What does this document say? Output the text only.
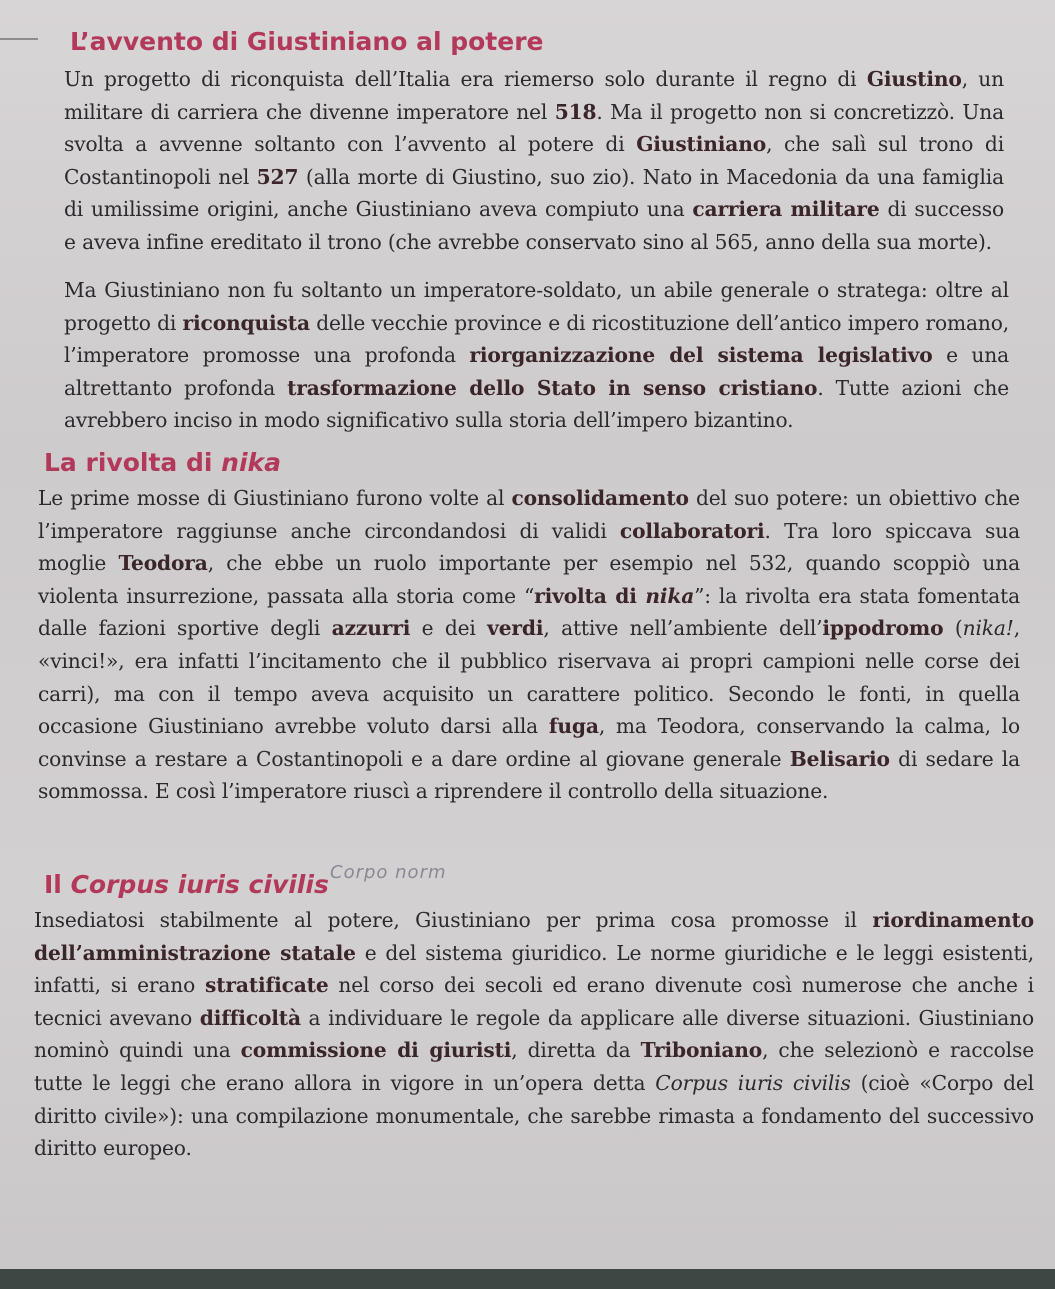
L’avvento di Giustiniano al potere
Un progetto di riconquista dell’Italia era riemerso solo durante il regno di Giustino, un militare di carriera che divenne imperatore nel 518. Ma il progetto non si concretizzò. Una svolta a avvenne soltanto con l’avvento al potere di Giustiniano, che salì sul trono di Costantinopoli nel 527 (alla morte di Giustino, suo zio). Nato in Macedonia da una famiglia di umilissime origini, anche Giustiniano aveva compiuto una carriera militare di successo e aveva infine ereditato il trono (che avrebbe conservato sino al 565, anno della sua morte).
Ma Giustiniano non fu soltanto un imperatore-soldato, un abile generale o stratega: oltre al progetto di riconquista delle vecchie province e di ricostituzione dell’antico impero romano, l’imperatore promosse una profonda riorganizzazione del sistema legislativo e una altrettanto profonda trasformazione dello Stato in senso cristiano. Tutte azioni che avrebbero inciso in modo significativo sulla storia dell’impero bizantino.
La rivolta di nika
Le prime mosse di Giustiniano furono volte al consolidamento del suo potere: un obiettivo che l’imperatore raggiunse anche circondandosi di validi collaboratori. Tra loro spiccava sua moglie Teodora, che ebbe un ruolo importante per esempio nel 532, quando scoppiò una violenta insurrezione, passata alla storia come “rivolta di nika”: la rivolta era stata fomentata dalle fazioni sportive degli azzurri e dei verdi, attive nell’ambiente dell’ippodromo (nika!, «vinci!», era infatti l’incitamento che il pubblico riservava ai propri campioni nelle corse dei carri), ma con il tempo aveva acquisito un carattere politico. Secondo le fonti, in quella occasione Giustiniano avrebbe voluto darsi alla fuga, ma Teodora, conservando la calma, lo convinse a restare a Costantinopoli e a dare ordine al giovane generale Belisario di sedare la sommossa. E così l’imperatore riuscì a riprendere il controllo della situazione.
Il Corpus iuris civilis Corpo norm
Insediatosi stabilmente al potere, Giustiniano per prima cosa promosse il riordinamento dell’amministrazione statale e del sistema giuridico. Le norme giuridiche e le leggi esistenti, infatti, si erano stratificate nel corso dei secoli ed erano divenute così numerose che anche i tecnici avevano difficoltà a individuare le regole da applicare alle diverse situazioni. Giustiniano nominò quindi una commissione di giuristi, diretta da Triboniano, che selezionò e raccolse tutte le leggi che erano allora in vigore in un’opera detta Corpus iuris civilis (cioè «Corpo del diritto civile»): una compilazione monumentale, che sarebbe rimasta a fondamento del successivo diritto europeo.
